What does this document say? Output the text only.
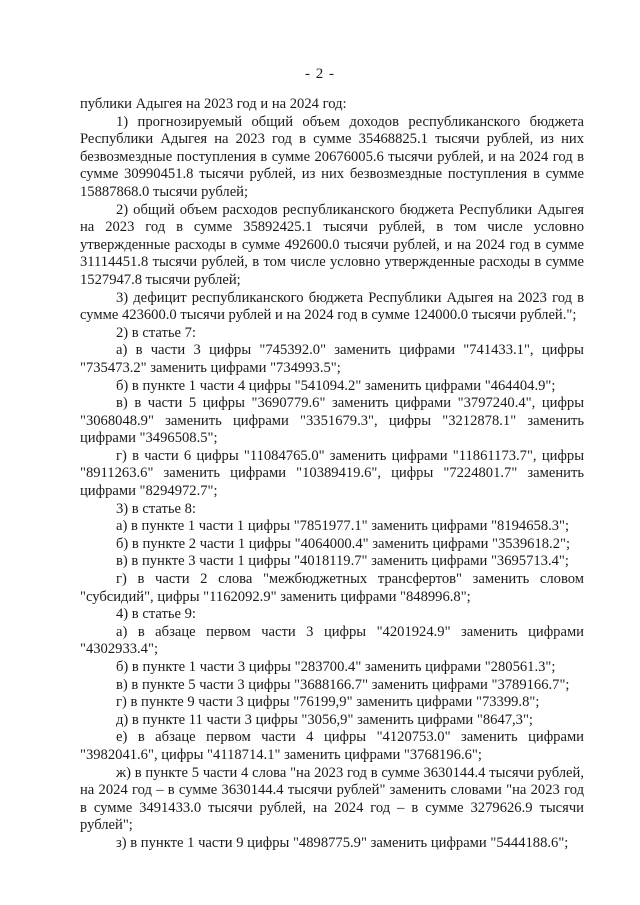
- 2 -

публики Адыгея на 2023 год и на 2024 год:

1) прогнозируемый общий объем доходов республиканского бюджета Республики Адыгея на 2023 год в сумме 35468825.1 тысячи рублей, из них безвозмездные поступления в сумме 20676005.6 тысячи рублей, и на 2024 год в сумме 30990451.8 тысячи рублей, из них безвозмездные поступления в сумме 15887868.0 тысячи рублей;

2) общий объем расходов республиканского бюджета Республики Адыгея на 2023 год в сумме 35892425.1 тысячи рублей, в том числе условно утвержденные расходы в сумме 492600.0 тысячи рублей, и на 2024 год в сумме 31114451.8 тысячи рублей, в том числе условно утвержденные расходы в сумме 1527947.8 тысячи рублей;

3) дефицит республиканского бюджета Республики Адыгея на 2023 год в сумме 423600.0 тысячи рублей и на 2024 год в сумме 124000.0 тысячи рублей.";

2) в статье 7:

а) в части 3 цифры "745392.0" заменить цифрами "741433.1", цифры "735473.2" заменить цифрами "734993.5";

б) в пункте 1 части 4 цифры "541094.2" заменить цифрами "464404.9";

в) в части 5 цифры "3690779.6" заменить цифрами "3797240.4", цифры "3068048.9" заменить цифрами "3351679.3", цифры "3212878.1" заменить цифрами "3496508.5";

г) в части 6 цифры "11084765.0" заменить цифрами "11861173.7", цифры "8911263.6" заменить цифрами "10389419.6", цифры "7224801.7" заменить цифрами "8294972.7";

3) в статье 8:

а) в пункте 1 части 1 цифры "7851977.1" заменить цифрами "8194658.3";

б) в пункте 2 части 1 цифры "4064000.4" заменить цифрами "3539618.2";

в) в пункте 3 части 1 цифры "4018119.7" заменить цифрами "3695713.4";

г) в части 2 слова "межбюджетных трансфертов" заменить словом "субсидий", цифры "1162092.9" заменить цифрами "848996.8";

4) в статье 9:

а) в абзаце первом части 3 цифры "4201924.9" заменить цифрами "4302933.4";

б) в пункте 1 части 3 цифры "283700.4" заменить цифрами "280561.3";

в) в пункте 5 части 3 цифры "3688166.7" заменить цифрами "3789166.7";

г) в пункте 9 части 3 цифры "76199,9" заменить цифрами "73399.8";

д) в пункте 11 части 3 цифры "3056,9" заменить цифрами "8647,3";

е) в абзаце первом части 4 цифры "4120753.0" заменить цифрами "3982041.6", цифры "4118714.1" заменить цифрами "3768196.6";

ж) в пункте 5 части 4 слова "на 2023 год в сумме 3630144.4 тысячи рублей, на 2024 год – в сумме 3630144.4 тысячи рублей" заменить словами "на 2023 год в сумме 3491433.0 тысячи рублей, на 2024 год – в сумме 3279626.9 тысячи рублей";

з) в пункте 1 части 9 цифры "4898775.9" заменить цифрами "5444188.6";
